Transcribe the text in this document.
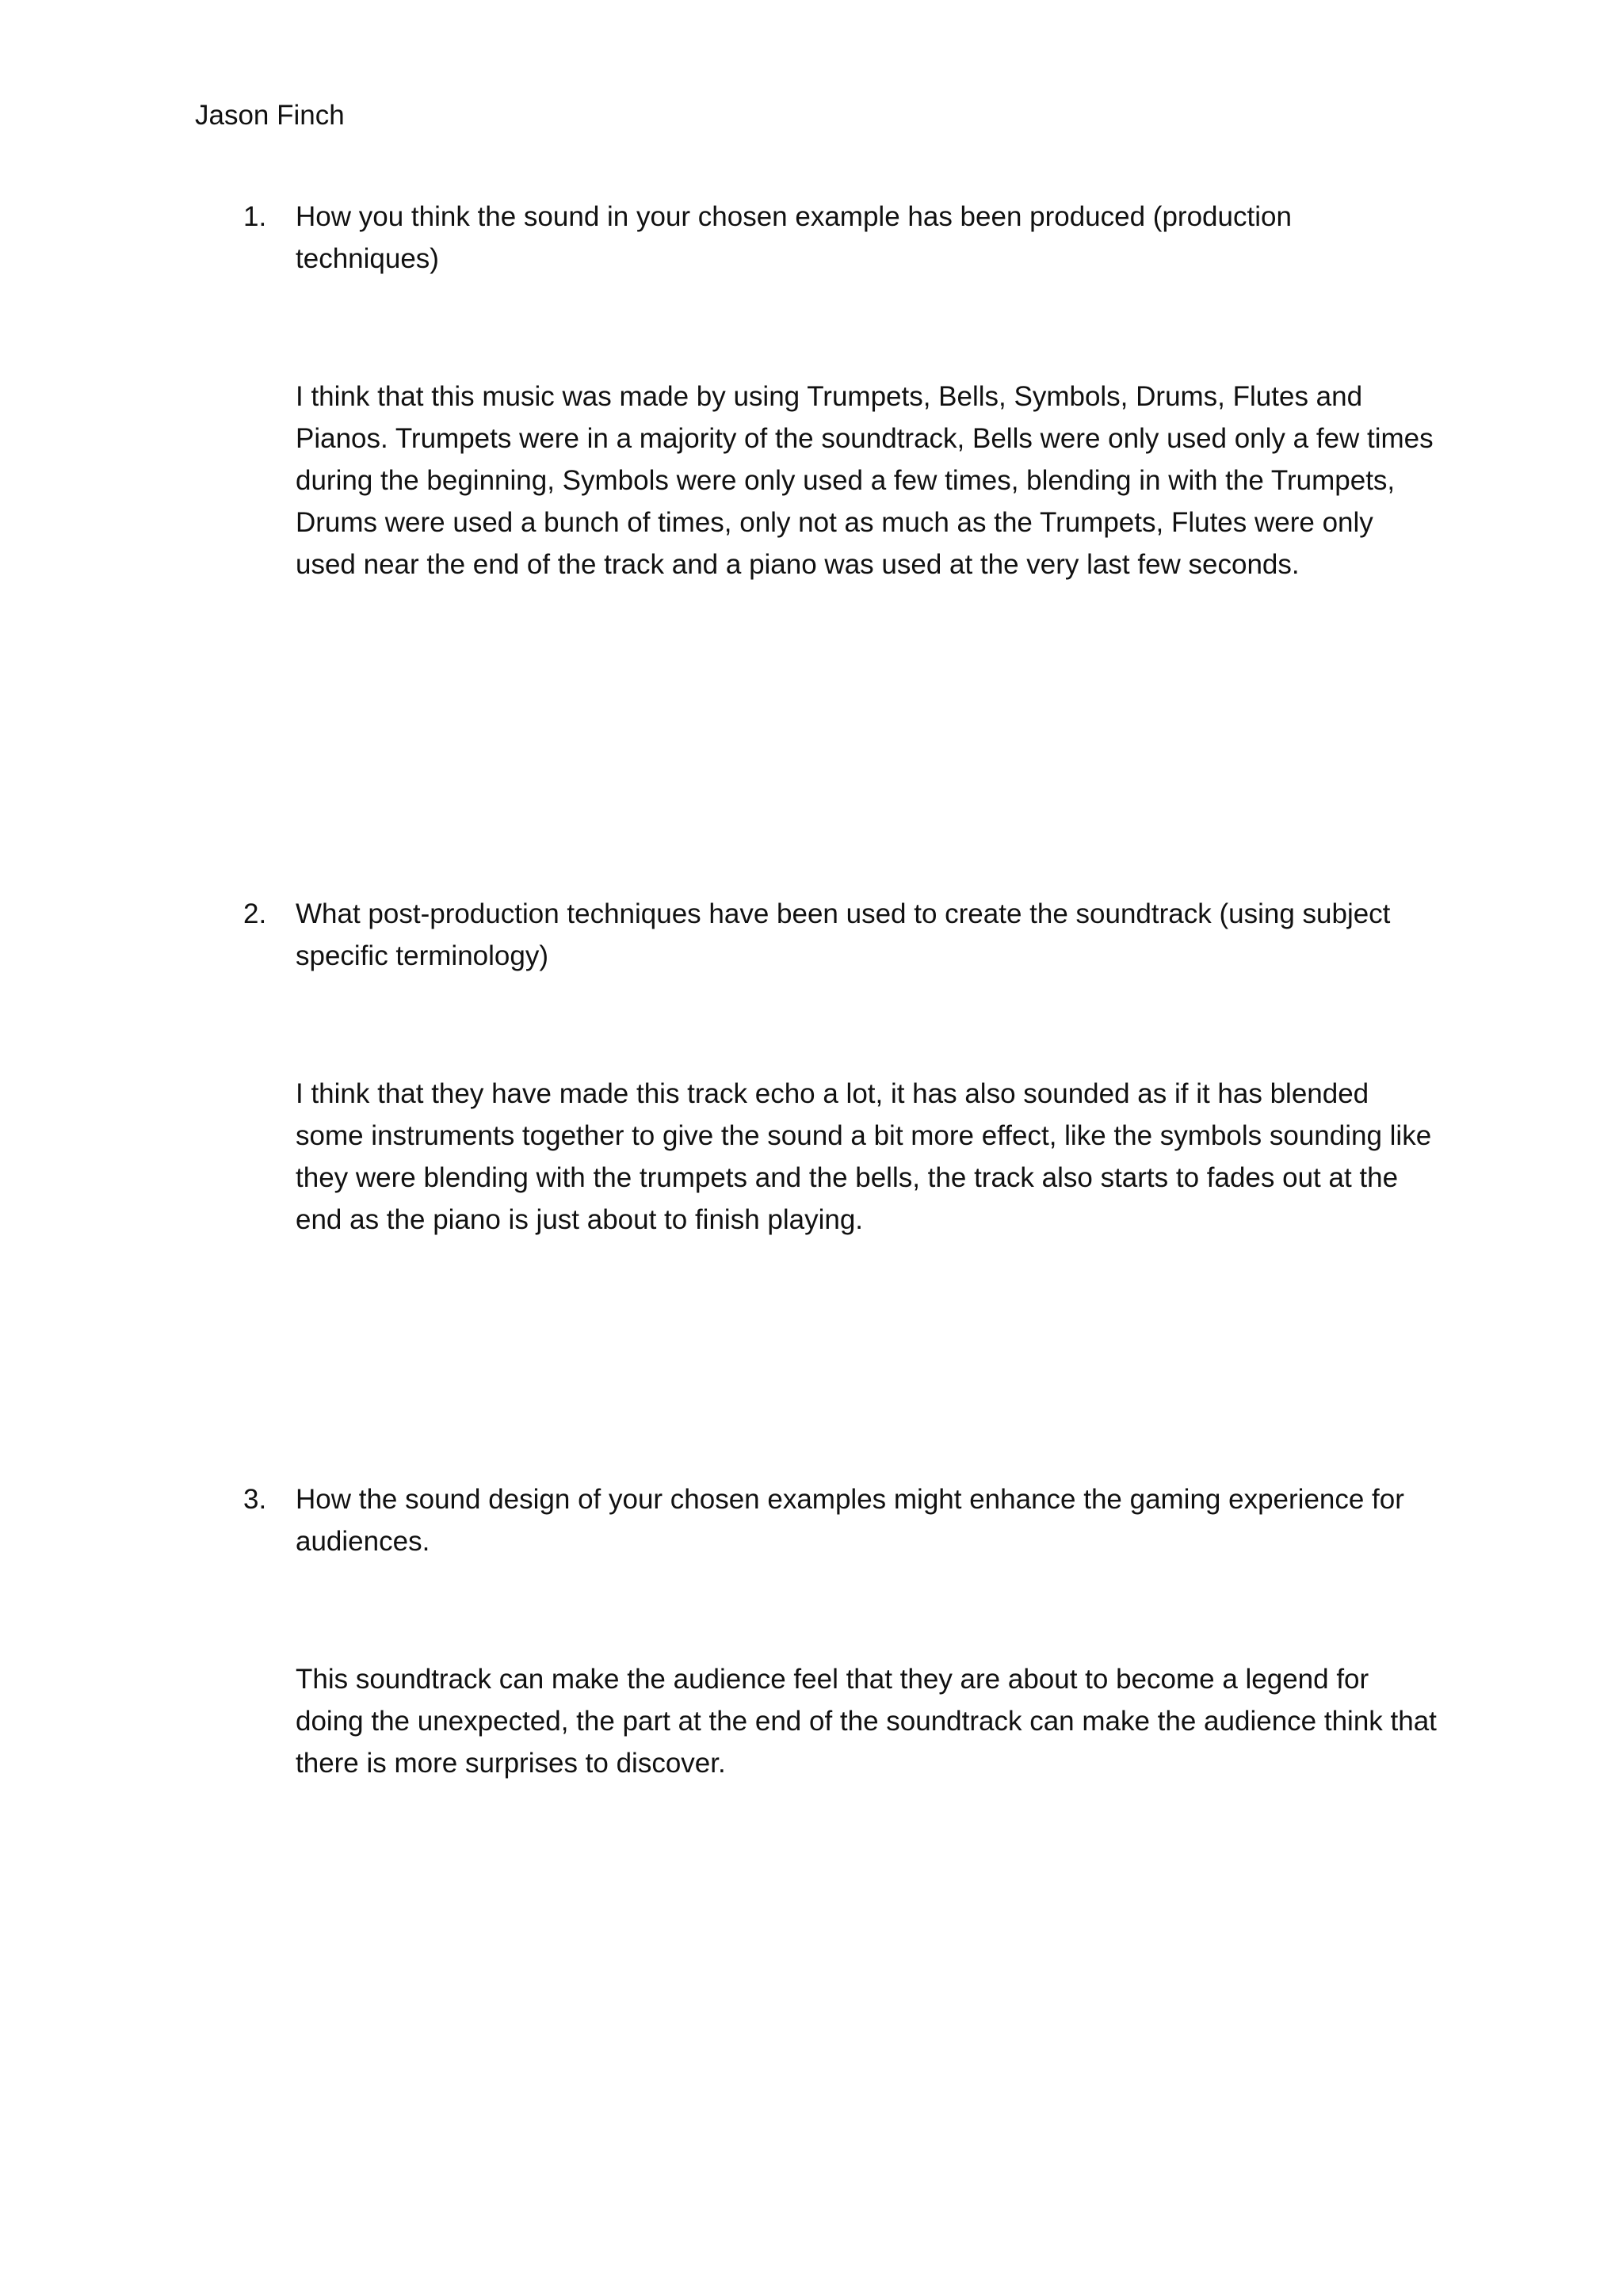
Jason Finch
1.	How you think the sound in your chosen example has been produced (production techniques)
I think that this music was made by using Trumpets, Bells, Symbols, Drums, Flutes and Pianos. Trumpets were in a majority of the soundtrack, Bells were only used only a few times during the beginning, Symbols were only used a few times, blending in with the Trumpets, Drums were used a bunch of times, only not as much as the Trumpets, Flutes were only used near the end of the track and a piano was used at the very last few seconds.
2.	What post-production techniques have been used to create the soundtrack (using subject specific terminology)
I think that they have made this track echo a lot, it has also sounded as if it has blended some instruments together to give the sound a bit more effect, like the symbols sounding like they were blending with the trumpets and the bells, the track also starts to fades out at the end as the piano is just about to finish playing.
3.	How the sound design of your chosen examples might enhance the gaming experience for audiences.
This soundtrack can make the audience feel that they are about to become a legend for doing the unexpected, the part at the end of the soundtrack can make the audience think that there is more surprises to discover.
